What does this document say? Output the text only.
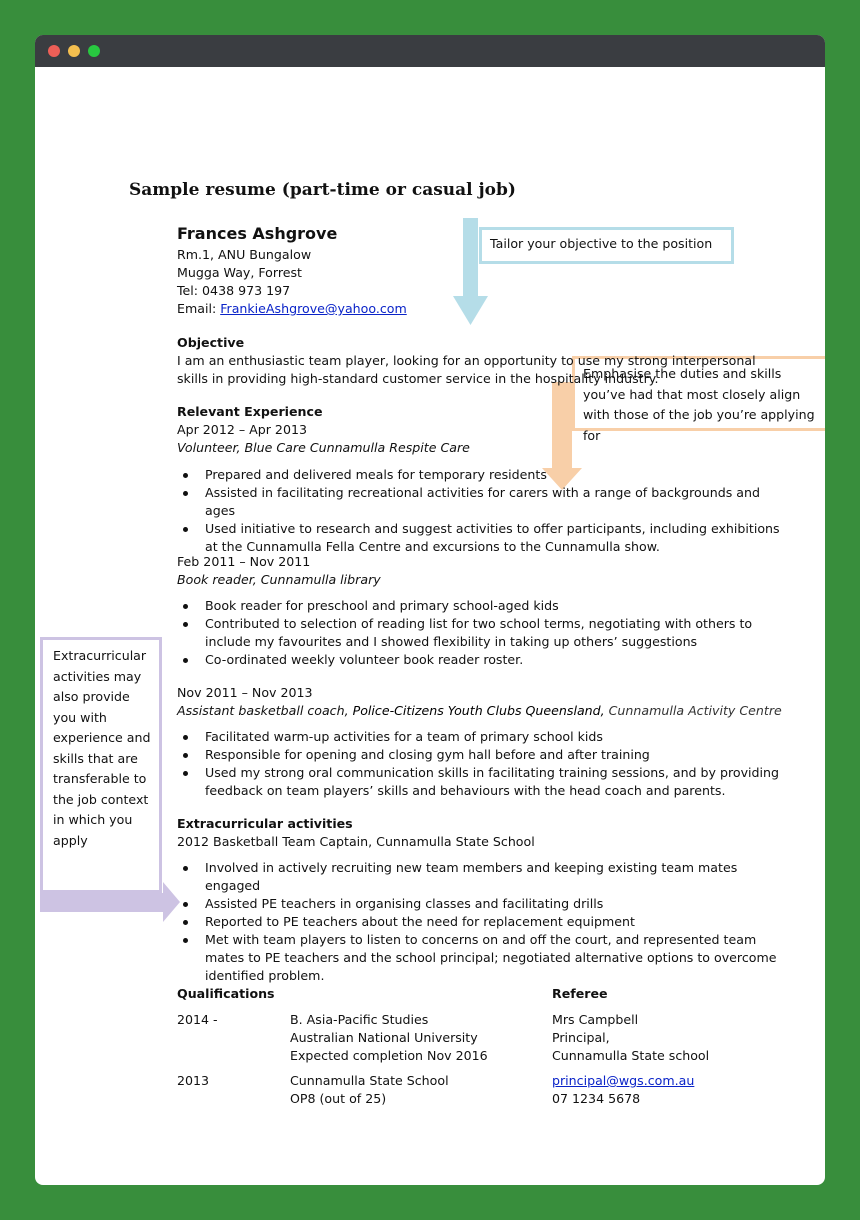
Tailor your objective to the position
Emphasise the duties and skills you’ve had that most closely align with those of the job you’re applying for
Extracurricular activities may also provide you with experience and skills that are transferable to the job context in which you apply
Sample resume (part-time or casual job)
Frances Ashgrove
Rm.1, ANU Bungalow
Mugga Way, Forrest
Tel: 0438 973 197
Email: FrankieAshgrove@yahoo.com
Objective
I am an enthusiastic team player, looking for an opportunity to use my strong interpersonal skills in providing high-standard customer service in the hospitality industry.
Relevant Experience
Apr 2012 – Apr 2013
Volunteer, Blue Care Cunnamulla Respite Care
Prepared and delivered meals for temporary residents
Assisted in facilitating recreational activities for carers with a range of backgrounds and ages
Used initiative to research and suggest activities to offer participants, including exhibitions at the Cunnamulla Fella Centre and excursions to the Cunnamulla show.
Feb 2011 – Nov 2011
Book reader, Cunnamulla library
Book reader for preschool and primary school-aged kids
Contributed to selection of reading list for two school terms, negotiating with others to include my favourites and I showed flexibility in taking up others’ suggestions
Co-ordinated weekly volunteer book reader roster.
Nov 2011 – Nov 2013
Assistant basketball coach, Police-Citizens Youth Clubs Queensland, Cunnamulla Activity Centre
Facilitated warm-up activities for a team of primary school kids
Responsible for opening and closing gym hall before and after training
Used my strong oral communication skills in facilitating training sessions, and by providing feedback on team players’ skills and behaviours with the head coach and parents.
Extracurricular activities
2012 Basketball Team Captain, Cunnamulla State School
Involved in actively recruiting new team members and keeping existing team mates engaged
Assisted PE teachers in organising classes and facilitating drills
Reported to PE teachers about the need for replacement equipment
Met with team players to listen to concerns on and off the court, and represented team mates to PE teachers and the school principal; negotiated alternative options to overcome identified problem.
Qualifications
2014 -	B. Asia-Pacific Studies
Australian National University
Expected completion Nov 2016
2013	Cunnamulla State School
OP8 (out of 25)
Referee
Mrs Campbell
Principal,
Cunnamulla State school
principal@wgs.com.au
07 1234 5678
